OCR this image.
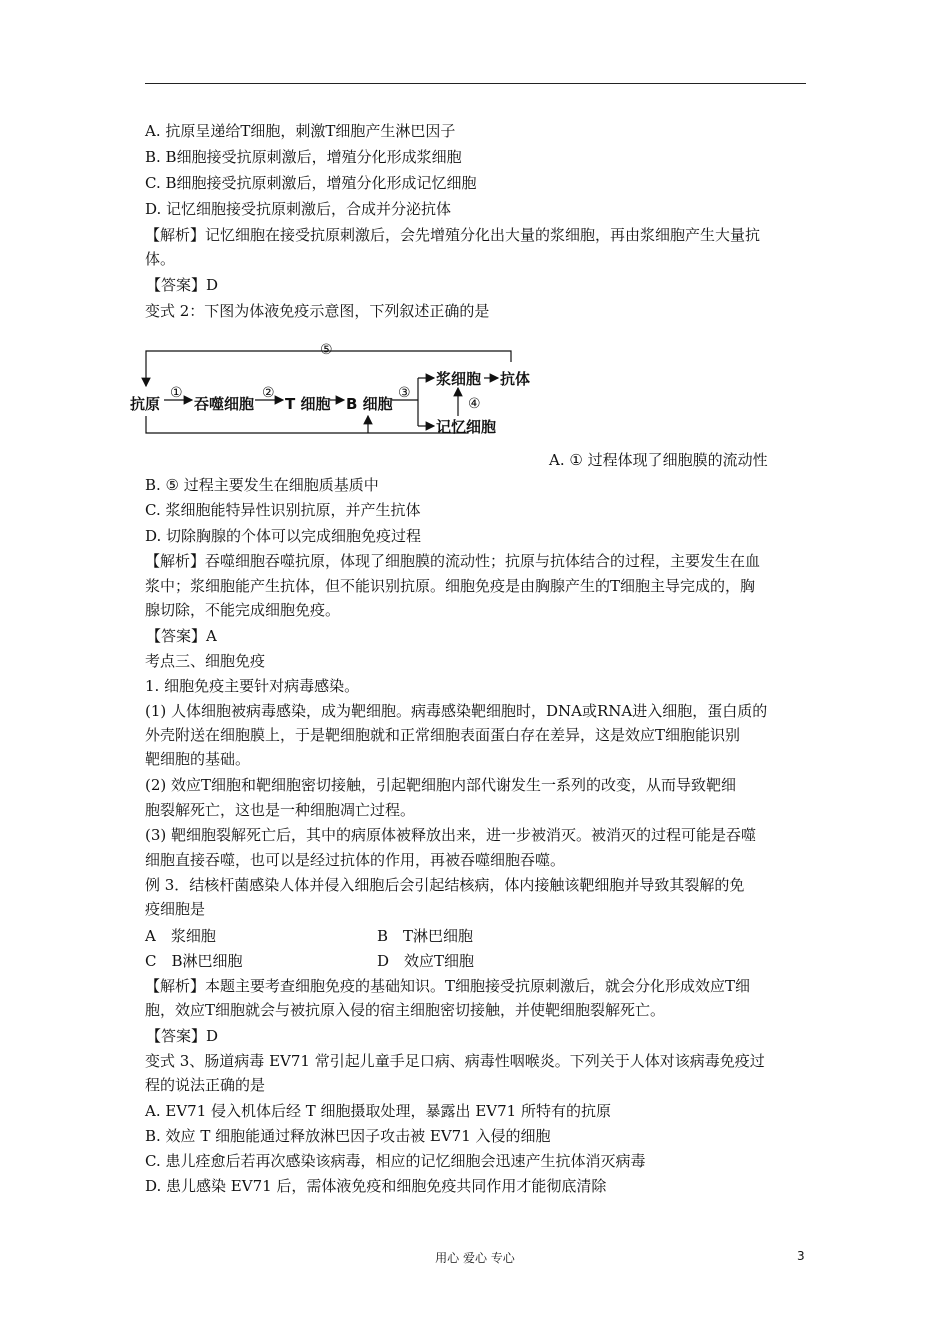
A. 抗原呈递给T细胞，刺激T细胞产生淋巴因子
B. B细胞接受抗原刺激后，增殖分化形成浆细胞
C. B细胞接受抗原刺激后，增殖分化形成记忆细胞
D. 记忆细胞接受抗原刺激后，合成并分泌抗体
【解析】记忆细胞在接受抗原刺激后，会先增殖分化出大量的浆细胞，再由浆细胞产生大量抗
体。
【答案】D
变式 2：下图为体液免疫示意图，下列叙述正确的是
⑤
抗原
①
吞噬细胞
②
T 细胞 B 细胞
③
浆细胞 抗体
记忆细胞
④
A. ① 过程体现了细胞膜的流动性
B. ⑤ 过程主要发生在细胞质基质中
C. 浆细胞能特异性识别抗原，并产生抗体
D. 切除胸腺的个体可以完成细胞免疫过程
【解析】吞噬细胞吞噬抗原，体现了细胞膜的流动性；抗原与抗体结合的过程，主要发生在血
浆中；浆细胞能产生抗体，但不能识别抗原。细胞免疫是由胸腺产生的T细胞主导完成的，胸
腺切除，不能完成细胞免疫。
【答案】A
考点三、细胞免疫
1. 细胞免疫主要针对病毒感染。
(1) 人体细胞被病毒感染，成为靶细胞。病毒感染靶细胞时，DNA或RNA进入细胞，蛋白质的
外壳附送在细胞膜上，于是靶细胞就和正常细胞表面蛋白存在差异，这是效应T细胞能识别
靶细胞的基础。
(2) 效应T细胞和靶细胞密切接触，引起靶细胞内部代谢发生一系列的改变，从而导致靶细
胞裂解死亡，这也是一种细胞凋亡过程。
(3) 靶细胞裂解死亡后，其中的病原体被释放出来，进一步被消灭。被消灭的过程可能是吞噬
细胞直接吞噬，也可以是经过抗体的作用，再被吞噬细胞吞噬。
例 3．结核杆菌感染人体并侵入细胞后会引起结核病，体内接触该靶细胞并导致其裂解的免
疫细胞是
A　浆细胞	B　T淋巴细胞
C　B淋巴细胞	D　效应T细胞
【解析】本题主要考查细胞免疫的基础知识。T细胞接受抗原刺激后，就会分化形成效应T细
胞，效应T细胞就会与被抗原入侵的宿主细胞密切接触，并使靶细胞裂解死亡。
【答案】D
变式 3、肠道病毒 EV71 常引起儿童手足口病、病毒性咽喉炎。下列关于人体对该病毒免疫过
程的说法正确的是
A. EV71 侵入机体后经 T 细胞摄取处理，暴露出 EV71 所特有的抗原
B. 效应 T 细胞能通过释放淋巴因子攻击被 EV71 入侵的细胞
C. 患儿痊愈后若再次感染该病毒，相应的记忆细胞会迅速产生抗体消灭病毒
D. 患儿感染 EV71 后，需体液免疫和细胞免疫共同作用才能彻底清除
用心 爱心 专心	3
